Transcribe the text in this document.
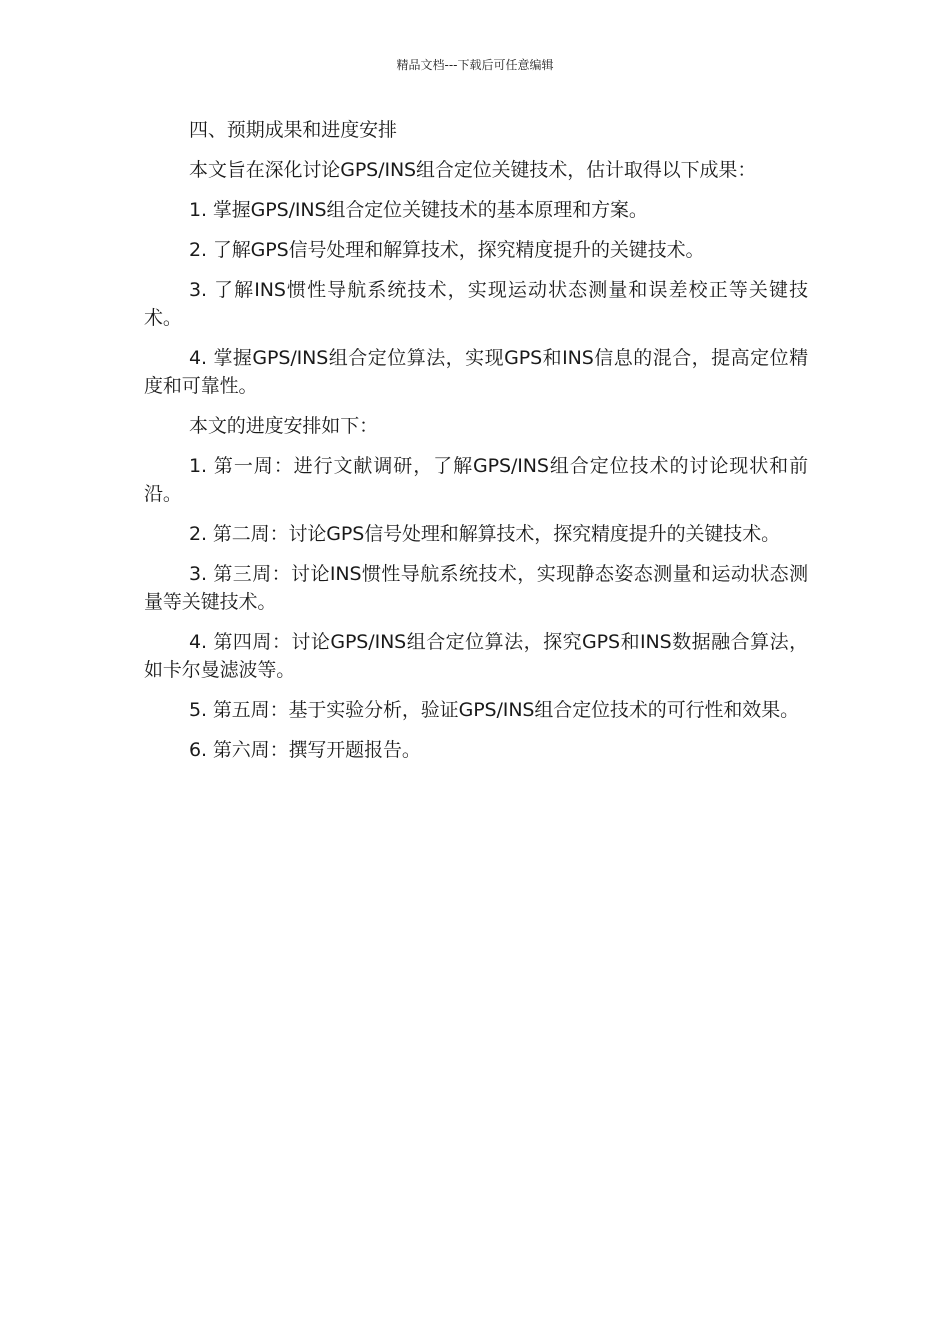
精品文档---下载后可任意编辑

四、预期成果和进度安排

本文旨在深化讨论GPS/INS组合定位关键技术，估计取得以下成果：

1. 掌握GPS/INS组合定位关键技术的基本原理和方案。

2. 了解GPS信号处理和解算技术，探究精度提升的关键技术。

3. 了解INS惯性导航系统技术，实现运动状态测量和误差校正等关键技术。

4. 掌握GPS/INS组合定位算法，实现GPS和INS信息的混合，提高定位精度和可靠性。

本文的进度安排如下：

1. 第一周：进行文献调研，了解GPS/INS组合定位技术的讨论现状和前沿。

2. 第二周：讨论GPS信号处理和解算技术，探究精度提升的关键技术。

3. 第三周：讨论INS惯性导航系统技术，实现静态姿态测量和运动状态测量等关键技术。

4. 第四周：讨论GPS/INS组合定位算法，探究GPS和INS数据融合算法，如卡尔曼滤波等。

5. 第五周：基于实验分析，验证GPS/INS组合定位技术的可行性和效果。

6. 第六周：撰写开题报告。
